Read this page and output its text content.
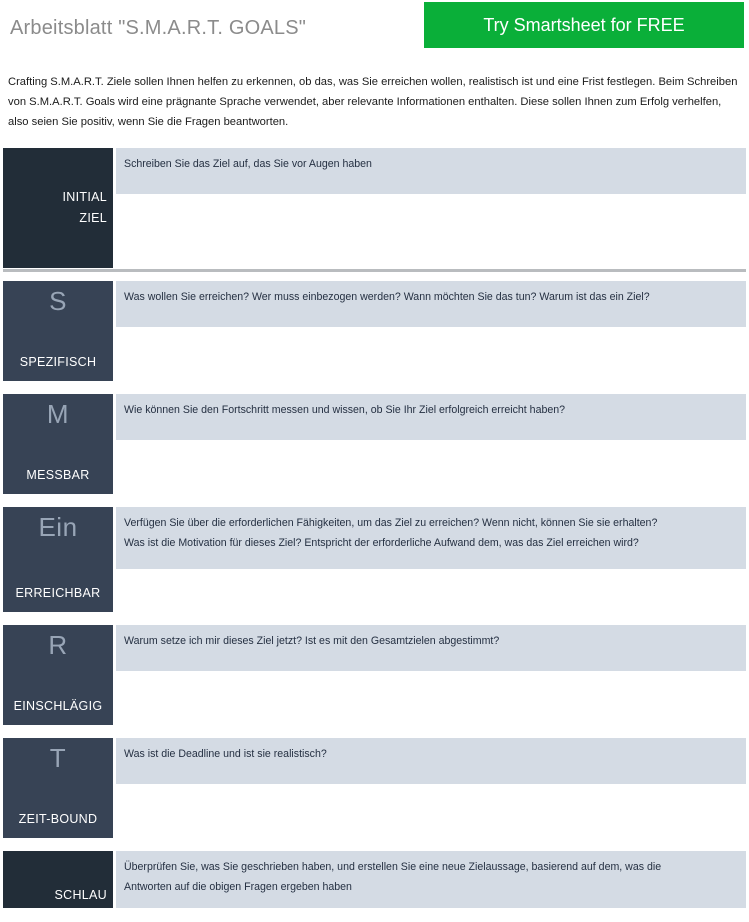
Arbeitsblatt "S.M.A.R.T. GOALS"	Try Smartsheet for FREE
Crafting S.M.A.R.T. Ziele sollen Ihnen helfen zu erkennen, ob das, was Sie erreichen wollen, realistisch ist und eine Frist festlegen. Beim Schreiben von S.M.A.R.T. Goals wird eine prägnante Sprache verwendet, aber relevante Informationen enthalten. Diese sollen Ihnen zum Erfolg verhelfen, also seien Sie positiv, wenn Sie die Fragen beantworten.
INITIAL
ZIEL

Schreiben Sie das Ziel auf, das Sie vor Augen haben

S
SPEZIFISCH

Was wollen Sie erreichen? Wer muss einbezogen werden? Wann möchten Sie das tun? Warum ist das ein Ziel?

M
MESSBAR

Wie können Sie den Fortschritt messen und wissen, ob Sie Ihr Ziel erfolgreich erreicht haben?

Ein
ERREICHBAR

Verfügen Sie über die erforderlichen Fähigkeiten, um das Ziel zu erreichen? Wenn nicht, können Sie sie erhalten?

Was ist die Motivation für dieses Ziel? Entspricht der erforderliche Aufwand dem, was das Ziel erreichen wird?

R
EINSCHLÄGIG

Warum setze ich mir dieses Ziel jetzt? Ist es mit den Gesamtzielen abgestimmt?

T
ZEIT-BOUND

Was ist die Deadline und ist sie realistisch?

SCHLAU

Überprüfen Sie, was Sie geschrieben haben, und erstellen Sie eine neue Zielaussage, basierend auf dem, was die

Antworten auf die obigen Fragen ergeben haben
